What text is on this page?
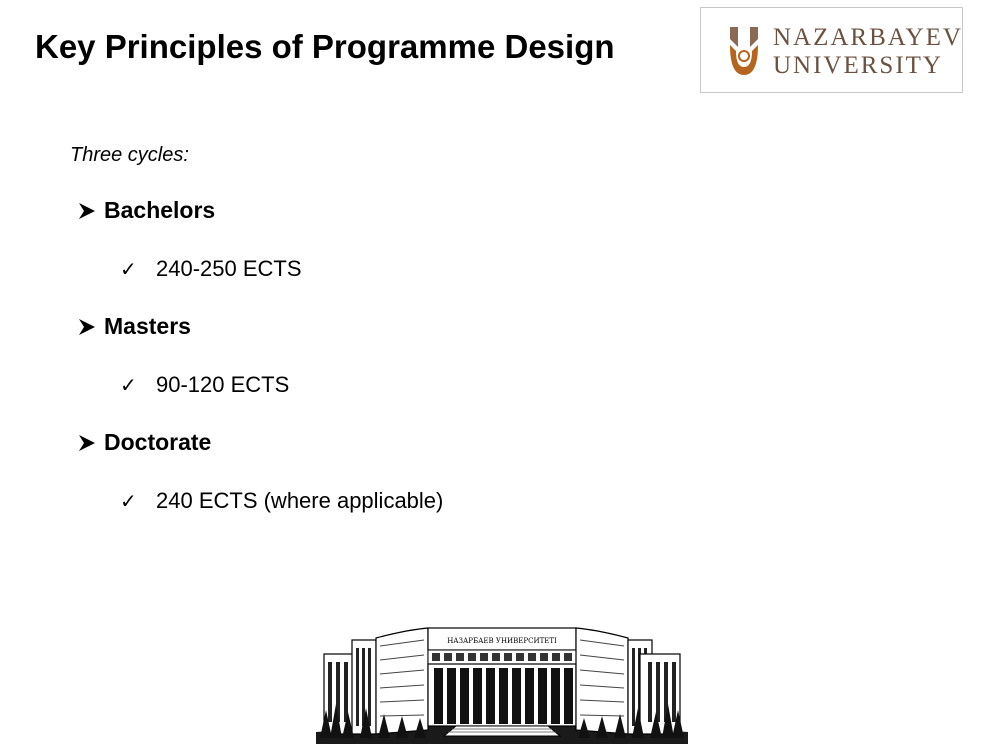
Key Principles of Programme Design	NAZARBAYEV
UNIVERSITY
Three cycles:
Bachelors
✓ 240-250 ECTS
Masters
✓ 90-120 ECTS
Doctorate
✓ 240 ECTS (where applicable)
НАЗАРБАЕВ УНИВЕРСИТЕТІ
